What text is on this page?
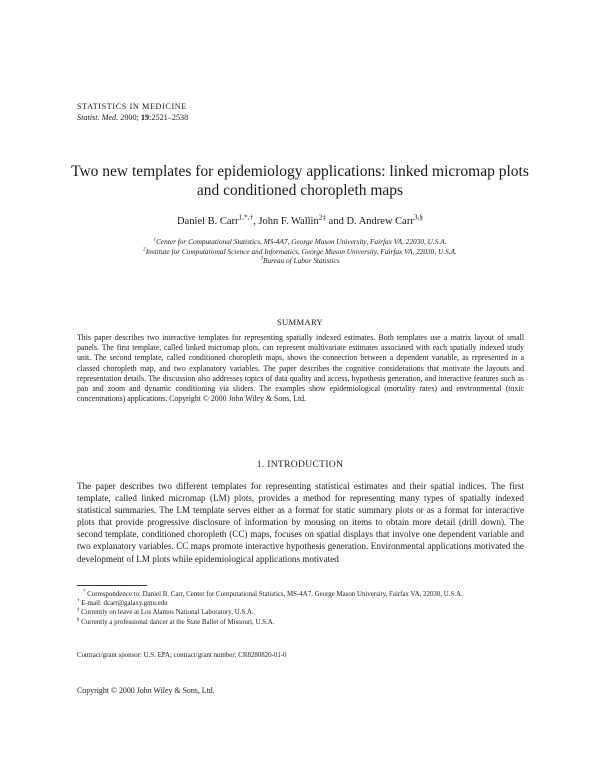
STATISTICS IN MEDICINE
Statist. Med. 2000; 19:2521–2538
Two new templates for epidemiology applications: linked micromap plots and conditioned choropleth maps
Daniel B. Carr$^{1,*,\dagger}$, John F. Wallin$^{2\ddagger}$ and D. Andrew Carr$^{3,\S}$
$^1$Center for Computational Statistics, MS-4A7, George Mason University, Fairfax VA, 22030, U.S.A.
$^2$Institute for Computational Science and Informatics, George Mason University, Fairfax VA, 22030, U.S.A.
$^3$Bureau of Labor Statistics
SUMMARY
This paper describes two interactive templates for representing spatially indexed estimates. Both templates use a matrix layout of small panels. The first template, called linked micromap plots, can represent multivariate estimates associated with each spatially indexed study unit. The second template, called conditioned choropleth maps, shows the connection between a dependent variable, as represented in a classed choropleth map, and two explanatory variables. The paper describes the cognitive considerations that motivate the layouts and representation details. The discussion also addresses topics of data quality and access, hypothesis generation, and interactive features such as pan and zoom and dynamic conditioning via sliders. The examples show epidemiological (mortality rates) and environmental (toxic concentrations) applications. Copyright © 2000 John Wiley & Sons, Ltd.
1. INTRODUCTION
The paper describes two different templates for representing statistical estimates and their spatial indices. The first template, called linked micromap (LM) plots, provides a method for representing many types of spatially indexed statistical summaries. The LM template serves either as a format for static summary plots or as a format for interactive plots that provide progressive disclosure of information by mousing on items to obtain more detail (drill down). The second template, conditioned choropleth (CC) maps, focuses on spatial displays that involve one dependent variable and two explanatory variables. CC maps promote interactive hypothesis generation. Environmental applications motivated the development of LM plots while epidemiological applications motivated

* Correspondence to: Daniel B. Carr, Center for Computational Statistics, MS-4A7, George Mason University, Fairfax VA, 22030, U.S.A.

† E-mail: dcarr@galaxy.gmu.edu

‡ Currently on leave at Los Alamos National Laboratory, U.S.A.

§ Currently a professional dancer at the State Ballet of Missouri, U.S.A.

Contract/grant sponsor: U.S. EPA; contract/grant number: CR8280820-01-0
Copyright © 2000 John Wiley & Sons, Ltd.
